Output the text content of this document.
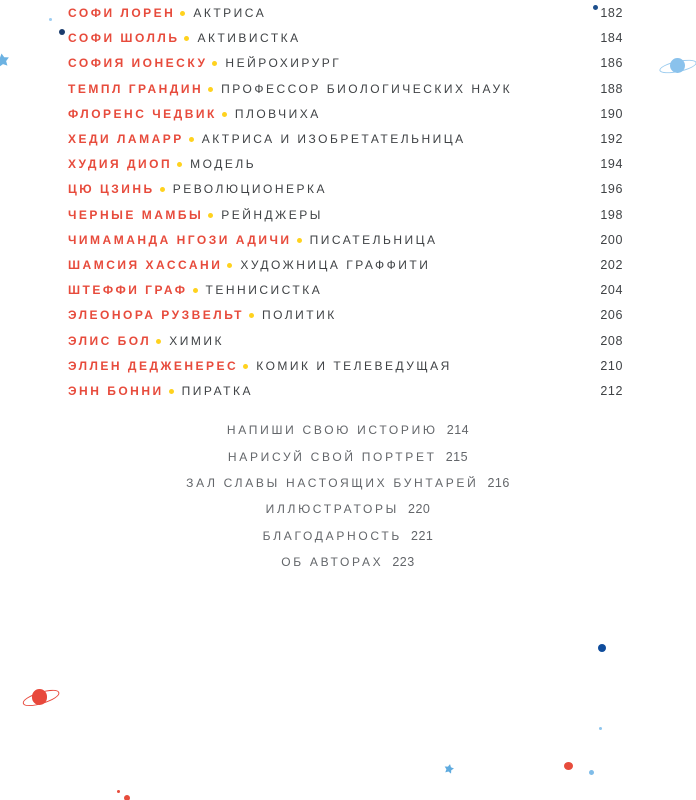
СОФИ ЛОРЕН АКТРИСА	182
СОФИ ШОЛЛЬ АКТИВИСТКА	184
СОФИЯ ИОНЕСКУ НЕЙРОХИРУРГ	186
ТЕМПЛ ГРАНДИН ПРОФЕССОР БИОЛОГИЧЕСКИХ НАУК	188
ФЛОРЕНС ЧЕДВИК ПЛОВЧИХА	190
ХЕДИ ЛАМАРР АКТРИСА И ИЗОБРЕТАТЕЛЬНИЦА	192
ХУДИЯ ДИОП МОДЕЛЬ	194
ЦЮ ЦЗИНЬ РЕВОЛЮЦИОНЕРКА	196
ЧЕРНЫЕ МАМБЫ РЕЙНДЖЕРЫ	198
ЧИМАМАНДА НГОЗИ АДИЧИ ПИСАТЕЛЬНИЦА	200
ШАМСИЯ ХАССАНИ ХУДОЖНИЦА ГРАФФИТИ	202
ШТЕФФИ ГРАФ ТЕННИСИСТКА	204
ЭЛЕОНОРА РУЗВЕЛЬТ ПОЛИТИК	206
ЭЛИС БОЛ ХИМИК	208
ЭЛЛЕН ДЕДЖЕНЕРЕС КОМИК И ТЕЛЕВЕДУЩАЯ	210
ЭНН БОННИ ПИРАТКА	212
НАПИШИ СВОЮ ИСТОРИЮ 214
НАРИСУЙ СВОЙ ПОРТРЕТ 215
ЗАЛ СЛАВЫ НАСТОЯЩИХ БУНТАРЕЙ 216
ИЛЛЮСТРАТОРЫ 220
БЛАГОДАРНОСТЬ 221
ОБ АВТОРАХ 223
